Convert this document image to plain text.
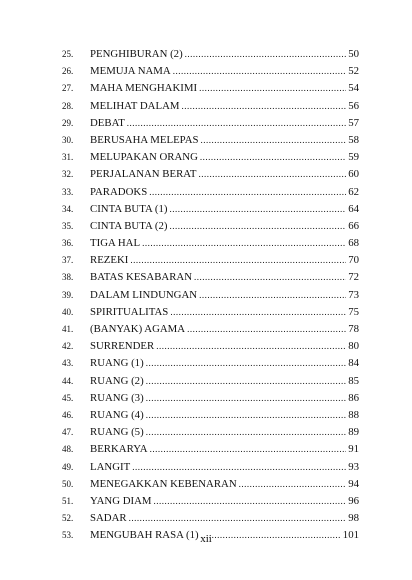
25.	PENGHIBURAN (2) .....	50
26.	MEMUJA NAMA .....	52
27.	MAHA MENGHAKIMI .....	54
28.	MELIHAT DALAM .....	56
29.	DEBAT .....	57
30.	BERUSAHA MELEPAS .....	58
31.	MELUPAKAN ORANG .....	59
32.	PERJALANAN BERAT .....	60
33.	PARADOKS .....	62
34.	CINTA BUTA (1) .....	64
35.	CINTA BUTA (2) .....	66
36.	TIGA HAL .....	68
37.	REZEKI .....	70
38.	BATAS KESABARAN .....	72
39.	DALAM LINDUNGAN .....	73
40.	SPIRITUALITAS .....	75
41.	(BANYAK) AGAMA .....	78
42.	SURRENDER .....	80
43.	RUANG (1) .....	84
44.	RUANG (2) .....	85
45.	RUANG (3) .....	86
46.	RUANG (4) .....	88
47.	RUANG (5) .....	89
48.	BERKARYA .....	91
49.	LANGIT .....	93
50.	MENEGAKKAN KEBENARAN .....	94
51.	YANG DIAM .....	96
52.	SADAR .....	98
53.	MENGUBAH RASA (1) .....	101
xii
